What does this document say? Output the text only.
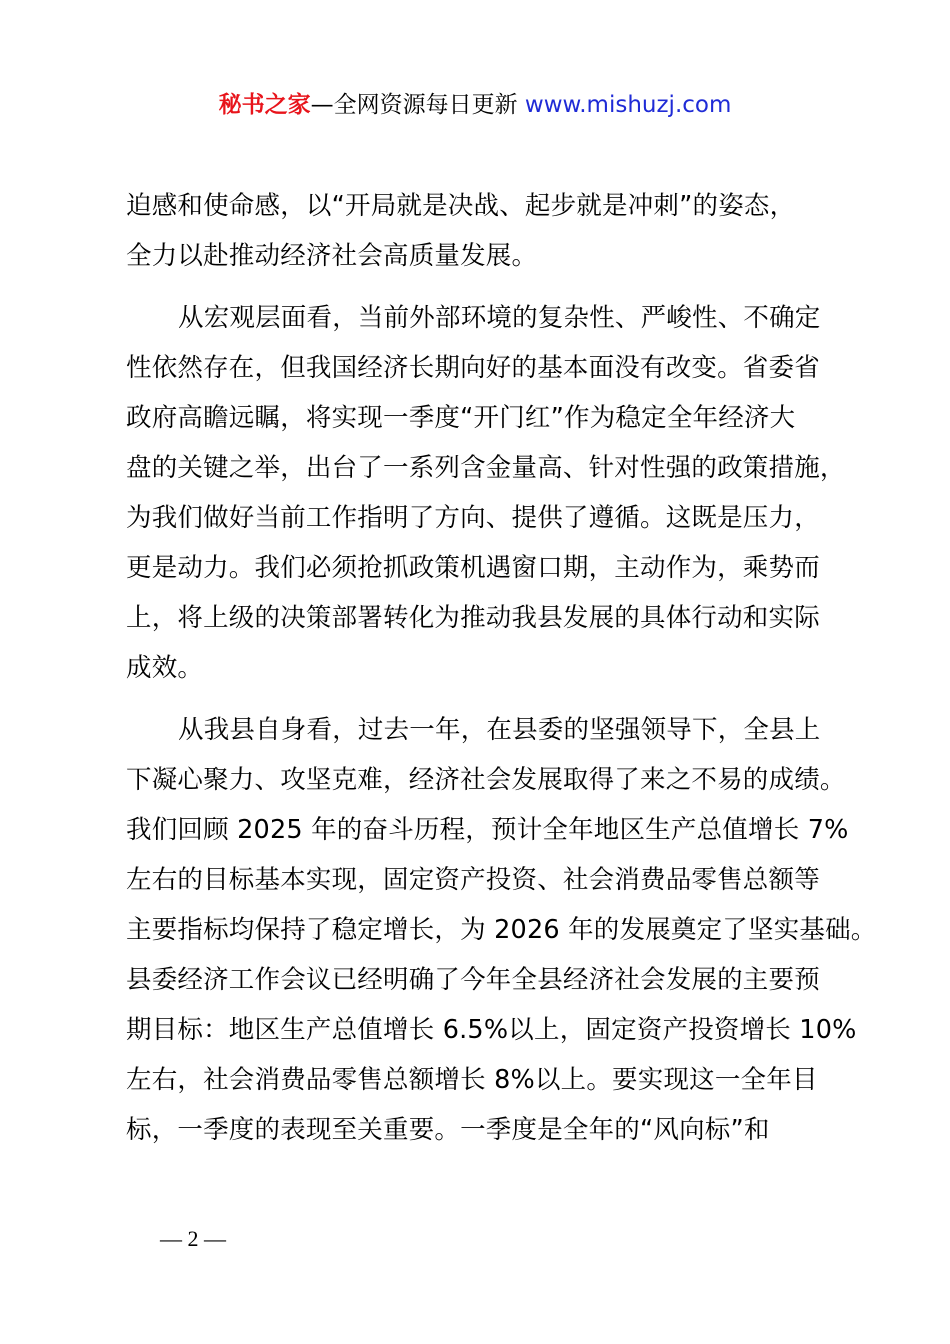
秘书之家—全网资源每日更新 www.mishuzj.com

迫感和使命感，以“开局就是决战、起步就是冲刺”的姿态，

全力以赴推动经济社会高质量发展。

从宏观层面看，当前外部环境的复杂性、严峻性、不确定

性依然存在，但我国经济长期向好的基本面没有改变。省委省

政府高瞻远瞩，将实现一季度“开门红”作为稳定全年经济大

盘的关键之举，出台了一系列含金量高、针对性强的政策措施，

为我们做好当前工作指明了方向、提供了遵循。这既是压力，

更是动力。我们必须抢抓政策机遇窗口期，主动作为，乘势而

上，将上级的决策部署转化为推动我县发展的具体行动和实际

成效。

从我县自身看，过去一年，在县委的坚强领导下，全县上

下凝心聚力、攻坚克难，经济社会发展取得了来之不易的成绩。

我们回顾 2025 年的奋斗历程，预计全年地区生产总值增长 7%

左右的目标基本实现，固定资产投资、社会消费品零售总额等

主要指标均保持了稳定增长，为 2026 年的发展奠定了坚实基础。

县委经济工作会议已经明确了今年全县经济社会发展的主要预

期目标：地区生产总值增长 6.5%以上，固定资产投资增长 10%

左右，社会消费品零售总额增长 8%以上。要实现这一全年目

标，一季度的表现至关重要。一季度是全年的“风向标”和

— 2 —
